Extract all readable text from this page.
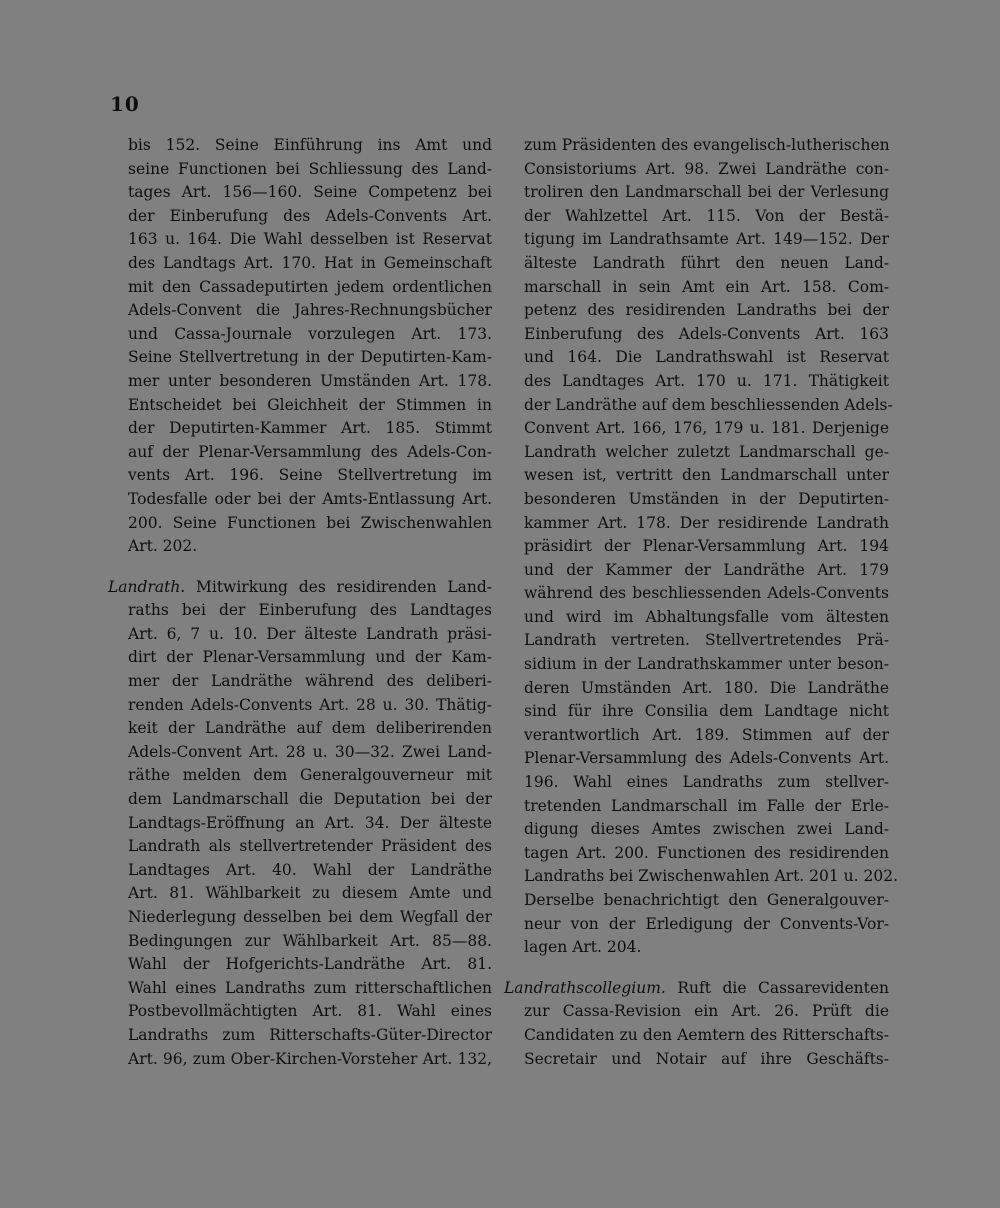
10
bis 152. Seine Einführung ins Amt und
seine Functionen bei Schliessung des Land-
tages Art. 156—160. Seine Competenz bei
der Einberufung des Adels-Convents Art.
163 u. 164. Die Wahl desselben ist Reservat
des Landtags Art. 170. Hat in Gemeinschaft
mit den Cassadeputirten jedem ordentlichen
Adels-Convent die Jahres-Rechnungsbücher
und Cassa-Journale vorzulegen Art. 173.
Seine Stellvertretung in der Deputirten-Kam-
mer unter besonderen Umständen Art. 178.
Entscheidet bei Gleichheit der Stimmen in
der Deputirten-Kammer Art. 185. Stimmt
auf der Plenar-Versammlung des Adels-Con-
vents Art. 196. Seine Stellvertretung im
Todesfalle oder bei der Amts-Entlassung Art.
200. Seine Functionen bei Zwischenwahlen
Art. 202.
Landrath. Mitwirkung des residirenden Land-
raths bei der Einberufung des Landtages
Art. 6, 7 u. 10. Der älteste Landrath präsi-
dirt der Plenar-Versammlung und der Kam-
mer der Landräthe während des deliberi-
renden Adels-Convents Art. 28 u. 30. Thätig-
keit der Landräthe auf dem deliberirenden
Adels-Convent Art. 28 u. 30—32. Zwei Land-
räthe melden dem Generalgouverneur mit
dem Landmarschall die Deputation bei der
Landtags-Eröffnung an Art. 34. Der älteste
Landrath als stellvertretender Präsident des
Landtages Art. 40. Wahl der Landräthe
Art. 81. Wählbarkeit zu diesem Amte und
Niederlegung desselben bei dem Wegfall der
Bedingungen zur Wählbarkeit Art. 85—88.
Wahl der Hofgerichts-Landräthe Art. 81.
Wahl eines Landraths zum ritterschaftlichen
Postbevollmächtigten Art. 81. Wahl eines
Landraths zum Ritterschafts-Güter-Director
Art. 96, zum Ober-Kirchen-Vorsteher Art. 132,
zum Präsidenten des evangelisch-lutherischen
Consistoriums Art. 98. Zwei Landräthe con-
troliren den Landmarschall bei der Verlesung
der Wahlzettel Art. 115. Von der Bestä-
tigung im Landrathsamte Art. 149—152. Der
älteste Landrath führt den neuen Land-
marschall in sein Amt ein Art. 158. Com-
petenz des residirenden Landraths bei der
Einberufung des Adels-Convents Art. 163
und 164. Die Landrathswahl ist Reservat
des Landtages Art. 170 u. 171. Thätigkeit
der Landräthe auf dem beschliessenden Adels-
Convent Art. 166, 176, 179 u. 181. Derjenige
Landrath welcher zuletzt Landmarschall ge-
wesen ist, vertritt den Landmarschall unter
besonderen Umständen in der Deputirten-
kammer Art. 178. Der residirende Landrath
präsidirt der Plenar-Versammlung Art. 194
und der Kammer der Landräthe Art. 179
während des beschliessenden Adels-Convents
und wird im Abhaltungsfalle vom ältesten
Landrath vertreten. Stellvertretendes Prä-
sidium in der Landrathskammer unter beson-
deren Umständen Art. 180. Die Landräthe
sind für ihre Consilia dem Landtage nicht
verantwortlich Art. 189. Stimmen auf der
Plenar-Versammlung des Adels-Convents Art.
196. Wahl eines Landraths zum stellver-
tretenden Landmarschall im Falle der Erle-
digung dieses Amtes zwischen zwei Land-
tagen Art. 200. Functionen des residirenden
Landraths bei Zwischenwahlen Art. 201 u. 202.
Derselbe benachrichtigt den Generalgouver-
neur von der Erledigung der Convents-Vor-
lagen Art. 204.
Landrathscollegium. Ruft die Cassarevidenten
zur Cassa-Revision ein Art. 26. Prüft die
Candidaten zu den Aemtern des Ritterschafts-
Secretair und Notair auf ihre Geschäfts-
